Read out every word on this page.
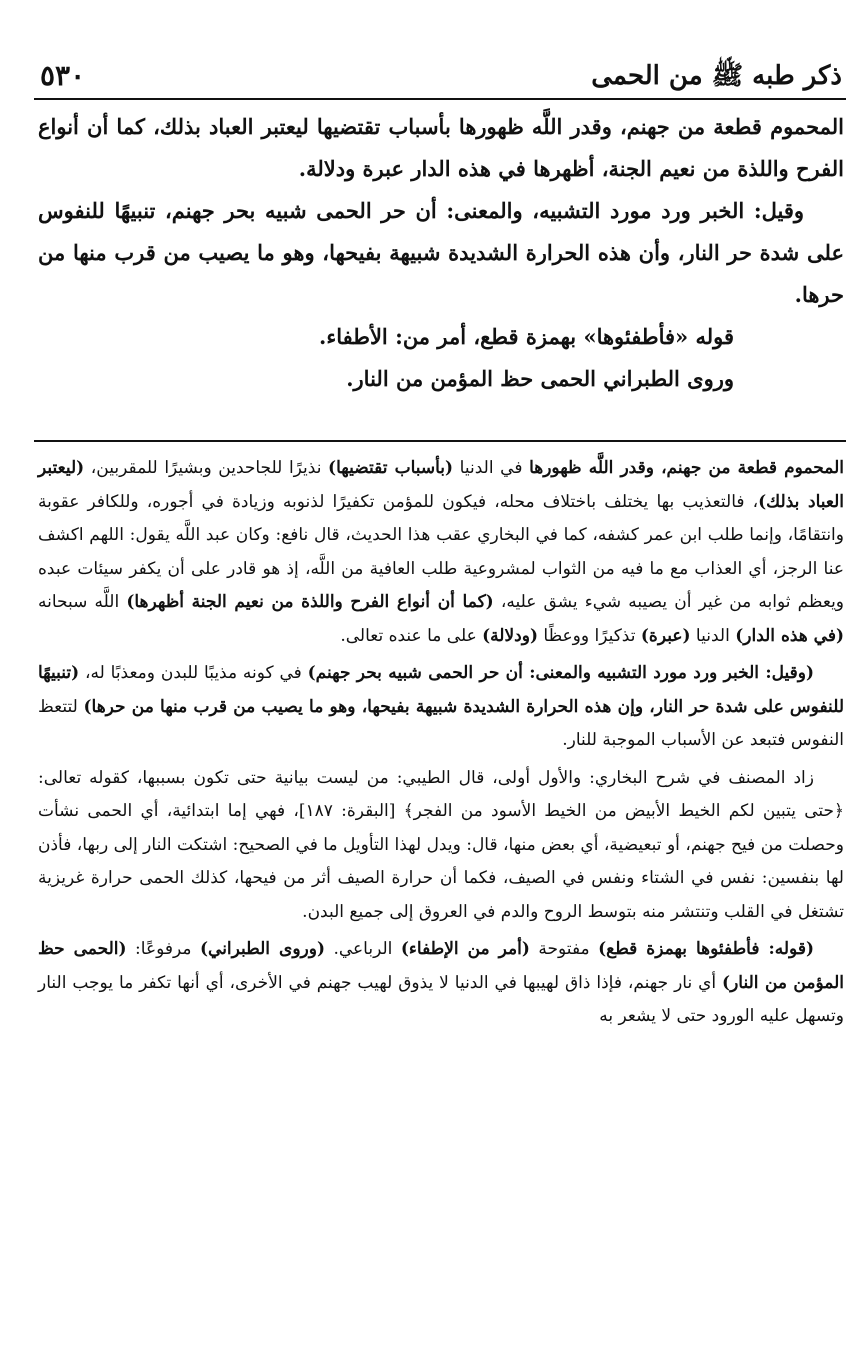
ذكر طبه ﷺ من الحمى
٥٣٠

المحموم قطعة من جهنم، وقدر اللَّه ظهورها بأسباب تقتضيها ليعتبر العباد بذلك، كما أن أنواع الفرح واللذة من نعيم الجنة، أظهرها في هذه الدار عبرة ودلالة.

وقيل: الخبر ورد مورد التشبيه، والمعنى: أن حر الحمى شبيه بحر جهنم، تنبيهًا للنفوس على شدة حر النار، وأن هذه الحرارة الشديدة شبيهة بفيحها، وهو ما يصيب من قرب منها من حرها.

قوله «فأطفئوها» بهمزة قطع، أمر من: الأطفاء.

وروى الطبراني الحمى حظ المؤمن من النار.

المحموم قطعة من جهنم، وقدر اللَّه ظهورها في الدنيا (بأسباب تقتضيها) نذيرًا للجاحدين وبشيرًا للمقربين، (ليعتبر العباد بذلك)، فالتعذيب بها يختلف باختلاف محله، فيكون للمؤمن تكفيرًا لذنوبه وزيادة في أجوره، وللكافر عقوبة وانتقامًا، وإنما طلب ابن عمر كشفه، كما في البخاري عقب هذا الحديث، قال نافع: وكان عبد اللَّه يقول: اللهم اكشف عنا الرجز، أي العذاب مع ما فيه من الثواب لمشروعية طلب العافية من اللَّه، إذ هو قادر على أن يكفر سيئات عبده ويعظم ثوابه من غير أن يصيبه شيء يشق عليه، (كما أن أنواع الفرح واللذة من نعيم الجنة أظهرها) اللَّه سبحانه (في هذه الدار) الدنيا (عبرة) تذكيرًا ووعظًا (ودلالة) على ما عنده تعالى.

(وقيل: الخبر ورد مورد التشبيه والمعنى: أن حر الحمى شبيه بحر جهنم) في كونه مذيبًا للبدن ومعذبًا له، (تنبيهًا للنفوس على شدة حر النار، وإن هذه الحرارة الشديدة شبيهة بفيحها، وهو ما يصيب من قرب منها من حرها) لتتعظ النفوس فتبعد عن الأسباب الموجبة للنار.

زاد المصنف في شرح البخاري: والأول أولى، قال الطيبي: من ليست بيانية حتى تكون بسببها، كقوله تعالى: ﴿حتى يتبين لكم الخيط الأبيض من الخيط الأسود من الفجر﴾ [البقرة: ١٨٧]، فهي إما ابتدائية، أي الحمى نشأت وحصلت من فيح جهنم، أو تبعيضية، أي بعض منها، قال: ويدل لهذا التأويل ما في الصحيح: اشتكت النار إلى ربها، فأذن لها بنفسين: نفس في الشتاء ونفس في الصيف، فكما أن حرارة الصيف أثر من فيحها، كذلك الحمى حرارة غريزية تشتغل في القلب وتنتشر منه بتوسط الروح والدم في العروق إلى جميع البدن.

(قوله: فأطفئوها بهمزة قطع) مفتوحة (أمر من الإطفاء) الرباعي. (وروى الطبراني) مرفوعًا: (الحمى حظ المؤمن من النار) أي نار جهنم، فإذا ذاق لهيبها في الدنيا لا يذوق لهيب جهنم في الأخرى، أي أنها تكفر ما يوجب النار وتسهل عليه الورود حتى لا يشعر به
